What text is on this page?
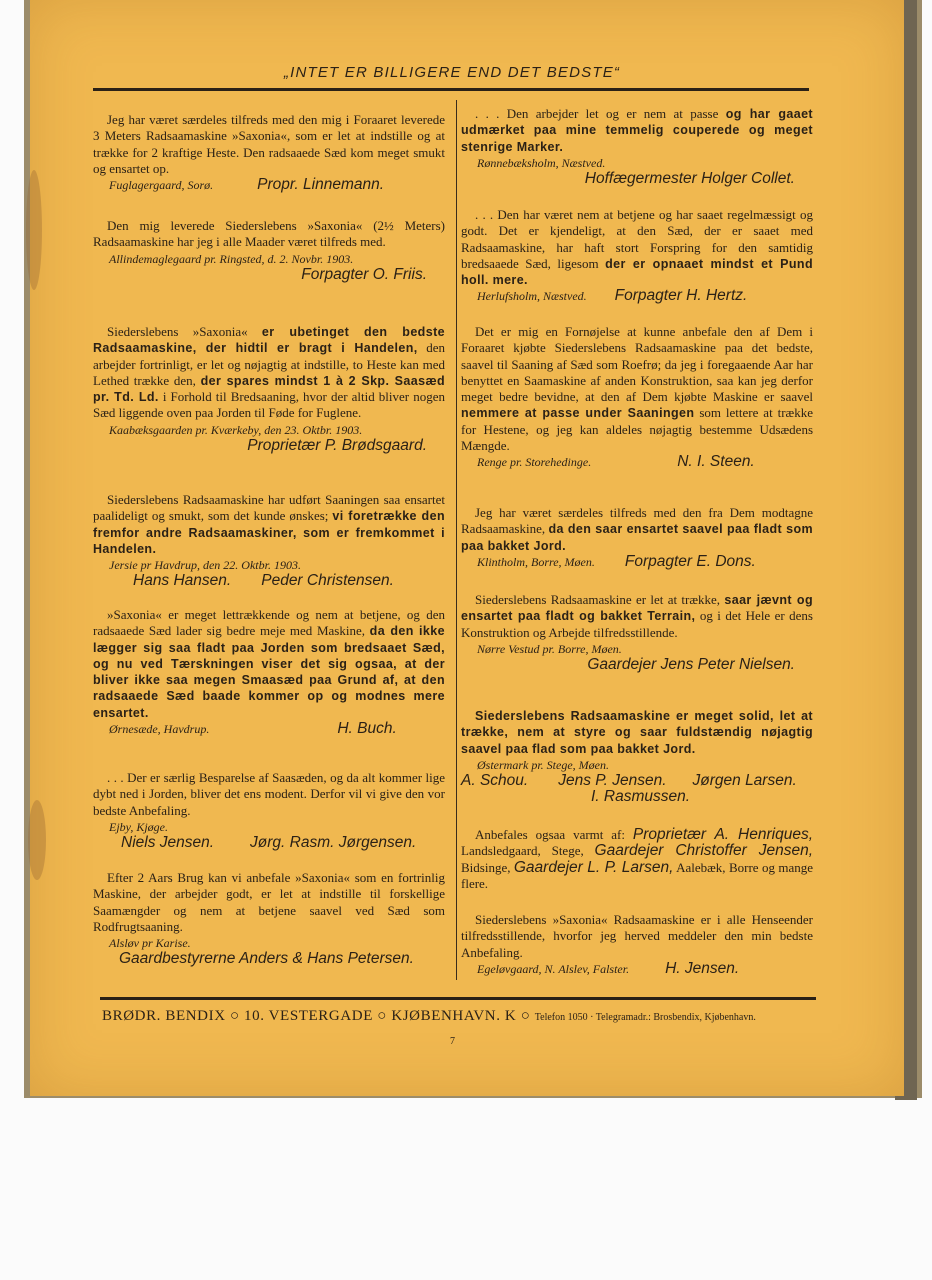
„INTET ER BILLIGERE END DET BEDSTE“

Jeg har været særdeles tilfreds med den mig i Foraaret leverede 3 Meters Radsaamaskine »Saxonia«, som er let at indstille og at trække for 2 kraftige Heste. Den radsaaede Sæd kom meget smukt og ensartet op.

Fuglagergaard, Sorø.	Propr. Linnemann.

Den mig leverede Siederslebens »Saxonia« (2½ Meters) Radsaamaskine har jeg i alle Maader været tilfreds med.

Allindemaglegaard pr. Ringsted, d. 2. Novbr. 1903.
Forpagter O. Friis.

Siederslebens »Saxonia« er ubetinget den bedste Radsaamaskine, der hidtil er bragt i Handelen, den arbejder fortrinligt, er let og nøjagtig at indstille, to Heste kan med Lethed trække den, der spares mindst 1 à 2 Skp. Saasæd pr. Td. Ld. i Forhold til Bredsaaning, hvor der altid bliver nogen Sæd liggende oven paa Jorden til Føde for Fuglene.

Kaabæksgaarden pr. Kværkeby, den 23. Oktbr. 1903.
Proprietær P. Brødsgaard.

Siederslebens Radsaamaskine har udført Saaningen saa ensartet paalideligt og smukt, som det kunde ønskes; vi foretrække den fremfor andre Radsaamaskiner, som er fremkommet i Handelen.

Jersie pr Havdrup, den 22. Oktbr. 1903.
Hans Hansen. Peder Christensen.

»Saxonia« er meget lettrækkende og nem at betjene, og den radsaaede Sæd lader sig bedre meje med Maskine, da den ikke lægger sig saa fladt paa Jorden som bredsaaet Sæd, og nu ved Tærskningen viser det sig ogsaa, at der bliver ikke saa megen Smaasæd paa Grund af, at den radsaaede Sæd baade kommer op og modnes mere ensartet.

Ørnesæde, Havdrup.	H. Buch.

. . . Der er særlig Besparelse af Saasæden, og da alt kommer lige dybt ned i Jorden, bliver det ens modent. Derfor vil vi give den vor bedste Anbefaling.

Ejby, Kjøge.
Niels Jensen. Jørg. Rasm. Jørgensen.

Efter 2 Aars Brug kan vi anbefale »Saxonia« som en fortrinlig Maskine, der arbejder godt, er let at indstille til forskellige Saamængder og nem at betjene saavel ved Sæd som Rodfrugtsaaning.

Alsløv pr Karise.
Gaardbestyrerne Anders & Hans Petersen.

. . . Den arbejder let og er nem at passe og har gaaet udmærket paa mine temmelig couperede og meget stenrige Marker.

Rønnebæksholm, Næstved.
Hoffægermester Holger Collet.

. . . Den har været nem at betjene og har saaet regelmæssigt og godt. Det er kjendeligt, at den Sæd, der er saaet med Radsaamaskine, har haft stort Forspring for den samtidig bredsaaede Sæd, ligesom der er opnaaet mindst et Pund holl. mere.

Herlufsholm, Næstved. Forpagter H. Hertz.

Det er mig en Fornøjelse at kunne anbefale den af Dem i Foraaret kjøbte Siederslebens Radsaamaskine paa det bedste, saavel til Saaning af Sæd som Roefrø; da jeg i foregaaende Aar har benyttet en Saamaskine af anden Konstruktion, saa kan jeg derfor meget bedre bevidne, at den af Dem kjøbte Maskine er saavel nemmere at passe under Saaningen som lettere at trække for Hestene, og jeg kan aldeles nøjagtig bestemme Udsædens Mængde.

Renge pr. Storehedinge.	N. I. Steen.

Jeg har været særdeles tilfreds med den fra Dem modtagne Radsaamaskine, da den saar ensartet saavel paa fladt som paa bakket Jord.

Klintholm, Borre, Møen. Forpagter E. Dons.

Siederslebens Radsaamaskine er let at trække, saar jævnt og ensartet paa fladt og bakket Terrain, og i det Hele er dens Konstruktion og Arbejde tilfredsstillende.

Nørre Vestud pr. Borre, Møen.
Gaardejer Jens Peter Nielsen.

Siederslebens Radsaamaskine er meget solid, let at trække, nem at styre og saar fuldstændig nøjagtig saavel paa flad som paa bakket Jord.

Østermark pr. Stege, Møen.
A. Schou. Jens P. Jensen. Jørgen Larsen.
I. Rasmussen.

Anbefales ogsaa varmt af: Proprietær A. Henriques, Landsledgaard, Stege, Gaardejer Christoffer Jensen, Bidsinge, Gaardejer L. P. Larsen, Aalebæk, Borre og mange flere.

Siederslebens »Saxonia« Radsaamaskine er i alle Henseender tilfredsstillende, hvorfor jeg herved meddeler den min bedste Anbefaling.

Egeløvgaard, N. Alslev, Falster. H. Jensen.
BRØDR. BENDIX ○ 10. VESTERGADE ○ KJØBENHAVN. K ○ Telefon 1050 · Telegramadr.: Brosbendix, Kjøbenhavn.
7
